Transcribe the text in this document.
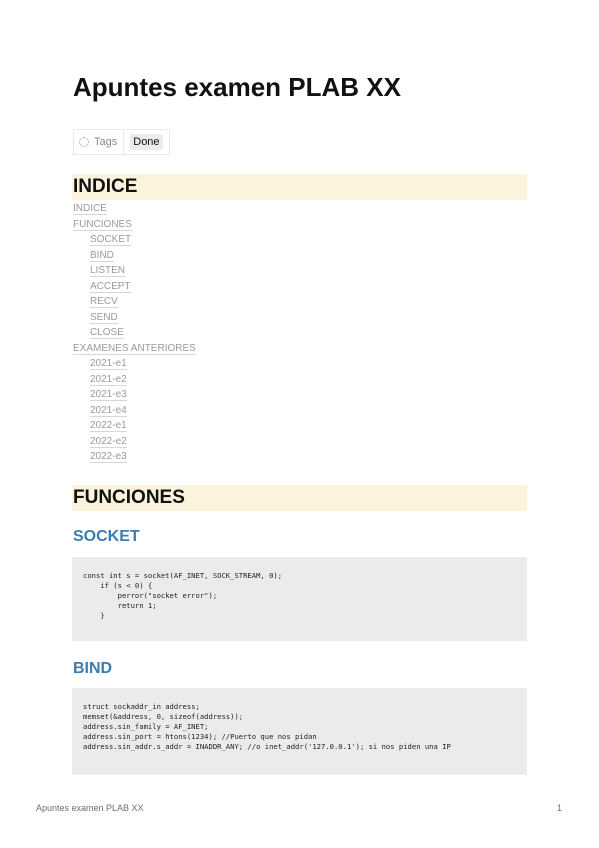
Apuntes examen PLAB XX
Tags Done
INDICE
INDICE
FUNCIONES
SOCKET
BIND
LISTEN
ACCEPT
RECV
SEND
CLOSE
EXAMENES ANTERIORES
2021-e1
2021-e2
2021-e3
2021-e4
2022-e1
2022-e2
2022-e3
FUNCIONES
SOCKET
const int s = socket(AF_INET, SOCK_STREAM, 0);
if (s < 0) {
perror("socket error");
return 1;
}
BIND
struct sockaddr_in address;
memset(&address, 0, sizeof(address));
address.sin_family = AF_INET;
address.sin_port = htons(1234); //Puerto que nos pidan
address.sin_addr.s_addr = INADDR_ANY; //o inet_addr('127.0.0.1'); si nos piden una IP
Apuntes examen PLAB XX	1
